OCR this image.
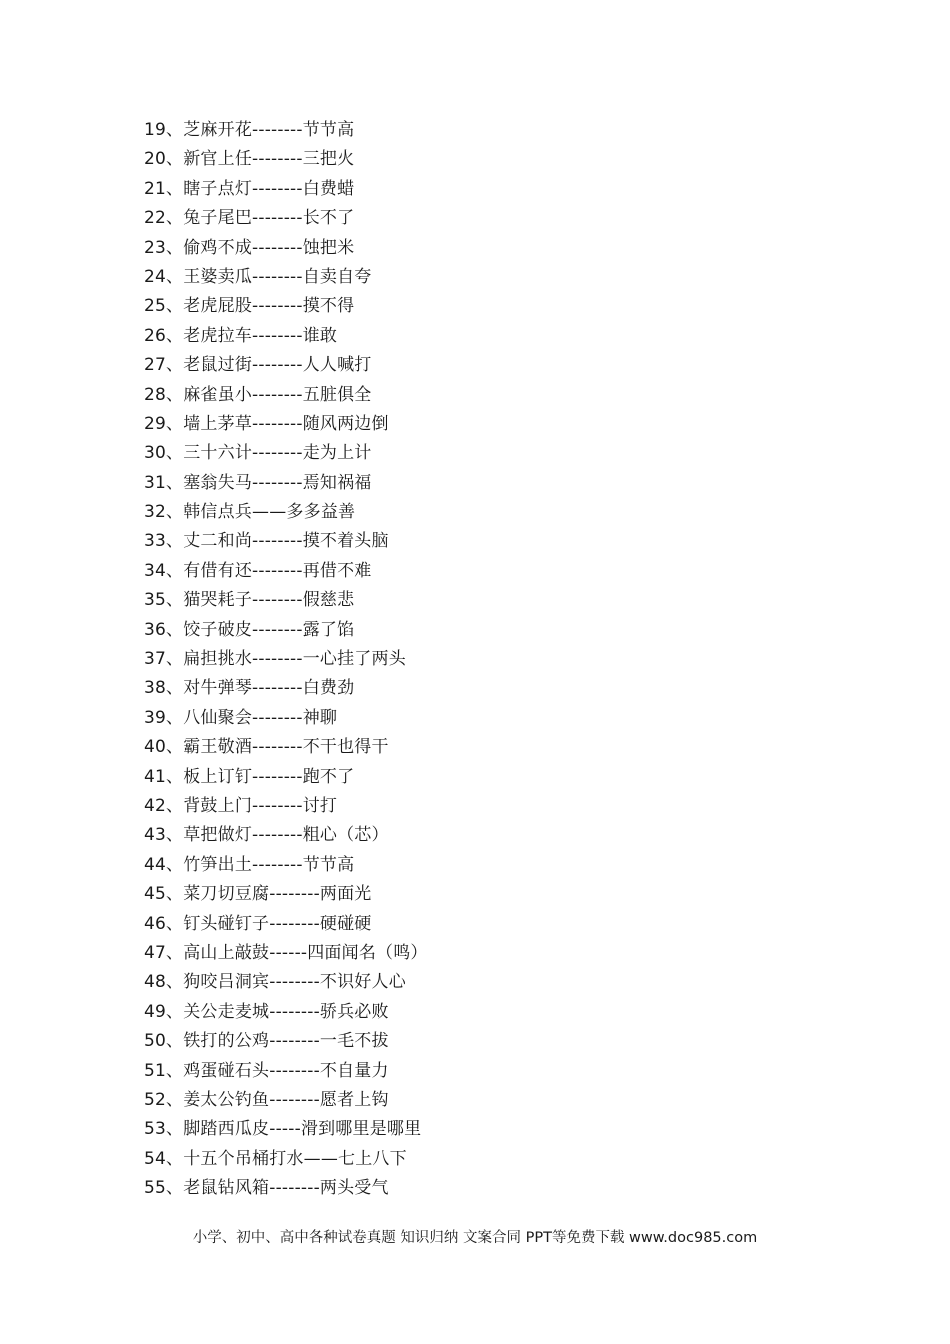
19、芝麻开花--------节节高
20、新官上任--------三把火
21、瞎子点灯--------白费蜡
22、兔子尾巴--------长不了
23、偷鸡不成--------蚀把米
24、王婆卖瓜--------自卖自夸
25、老虎屁股--------摸不得
26、老虎拉车--------谁敢
27、老鼠过街--------人人喊打
28、麻雀虽小--------五脏俱全
29、墙上茅草--------随风两边倒
30、三十六计--------走为上计
31、塞翁失马--------焉知祸福
32、韩信点兵——多多益善
33、丈二和尚--------摸不着头脑
34、有借有还--------再借不难
35、猫哭耗子--------假慈悲
36、饺子破皮--------露了馅
37、扁担挑水--------一心挂了两头
38、对牛弹琴--------白费劲
39、八仙聚会--------神聊
40、霸王敬酒--------不干也得干
41、板上订钉--------跑不了
42、背鼓上门--------讨打
43、草把做灯--------粗心（芯）
44、竹笋出土--------节节高
45、菜刀切豆腐--------两面光
46、钉头碰钉子--------硬碰硬
47、高山上敲鼓------四面闻名（鸣）
48、狗咬吕洞宾--------不识好人心
49、关公走麦城--------骄兵必败
50、铁打的公鸡--------一毛不拔
51、鸡蛋碰石头--------不自量力
52、姜太公钓鱼--------愿者上钩
53、脚踏西瓜皮-----滑到哪里是哪里
54、十五个吊桶打水——七上八下
55、老鼠钻风箱--------两头受气
小学、初中、高中各种试卷真题 知识归纳 文案合同 PPT等免费下载 www.doc985.com
